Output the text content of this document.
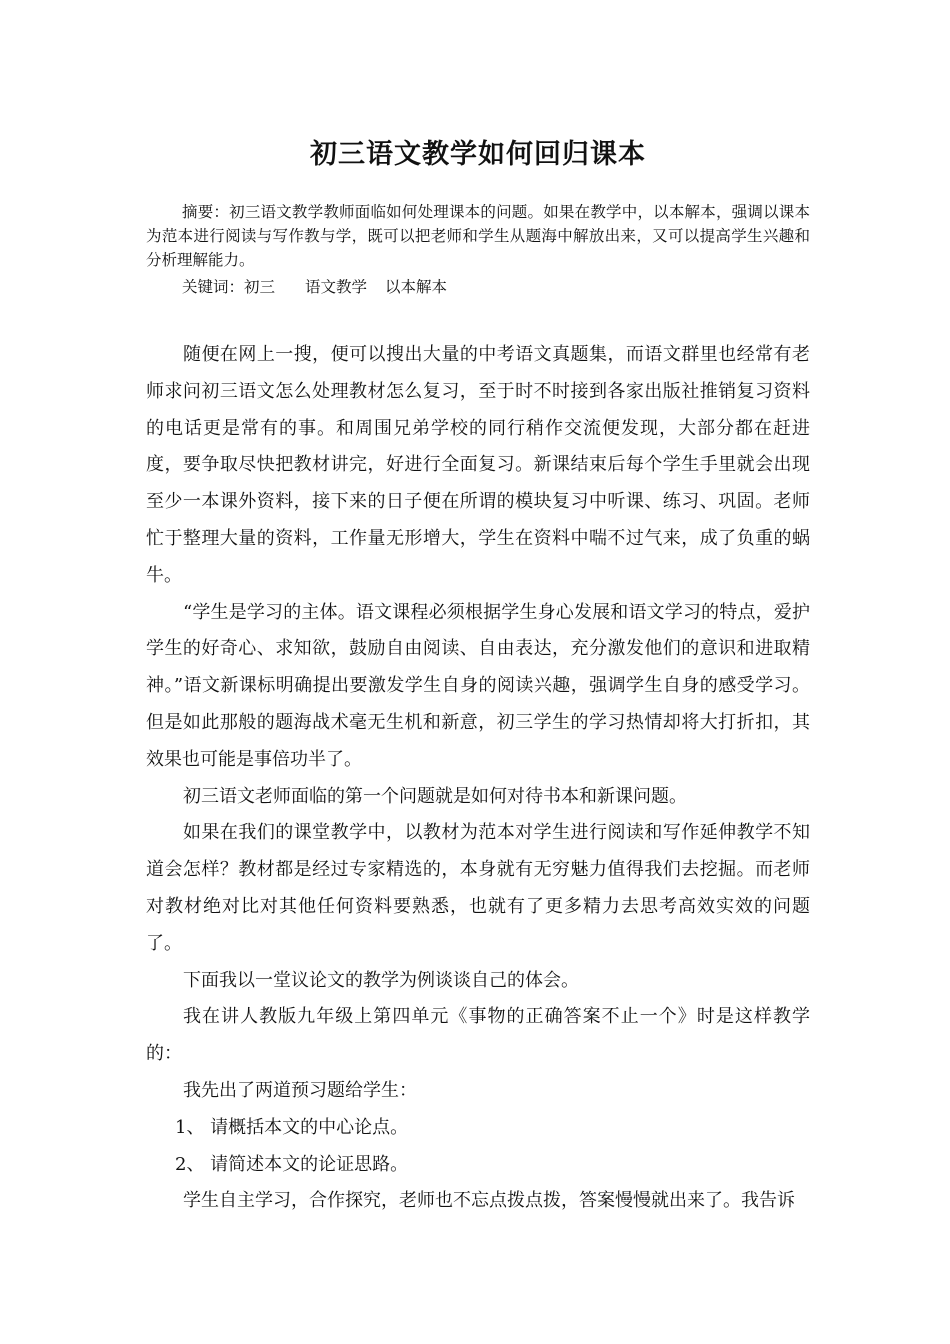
初三语文教学如何回归课本

摘要：初三语文教学教师面临如何处理课本的问题。如果在教学中，以本解本，强调以课本为范本进行阅读与写作教与学，既可以把老师和学生从题海中解放出来，又可以提高学生兴趣和分析理解能力。

关键词：初三 语文教学 以本解本

随便在网上一搜，便可以搜出大量的中考语文真题集，而语文群里也经常有老师求问初三语文怎么处理教材怎么复习，至于时不时接到各家出版社推销复习资料的电话更是常有的事。和周围兄弟学校的同行稍作交流便发现，大部分都在赶进度，要争取尽快把教材讲完，好进行全面复习。新课结束后每个学生手里就会出现至少一本课外资料，接下来的日子便在所谓的模块复习中听课、练习、巩固。老师忙于整理大量的资料，工作量无形增大，学生在资料中喘不过气来，成了负重的蜗牛。

“学生是学习的主体。语文课程必须根据学生身心发展和语文学习的特点，爱护学生的好奇心、求知欲，鼓励自由阅读、自由表达，充分激发他们的意识和进取精神。”语文新课标明确提出要激发学生自身的阅读兴趣，强调学生自身的感受学习。但是如此那般的题海战术毫无生机和新意，初三学生的学习热情却将大打折扣，其效果也可能是事倍功半了。

初三语文老师面临的第一个问题就是如何对待书本和新课问题。

如果在我们的课堂教学中，以教材为范本对学生进行阅读和写作延伸教学不知道会怎样？教材都是经过专家精选的，本身就有无穷魅力值得我们去挖掘。而老师对教材绝对比对其他任何资料要熟悉，也就有了更多精力去思考高效实效的问题了。

下面我以一堂议论文的教学为例谈谈自己的体会。

我在讲人教版九年级上第四单元《事物的正确答案不止一个》时是这样教学的：

我先出了两道预习题给学生：

1、 请概括本文的中心论点。

2、 请简述本文的论证思路。

学生自主学习，合作探究，老师也不忘点拨点拨，答案慢慢就出来了。我告诉
